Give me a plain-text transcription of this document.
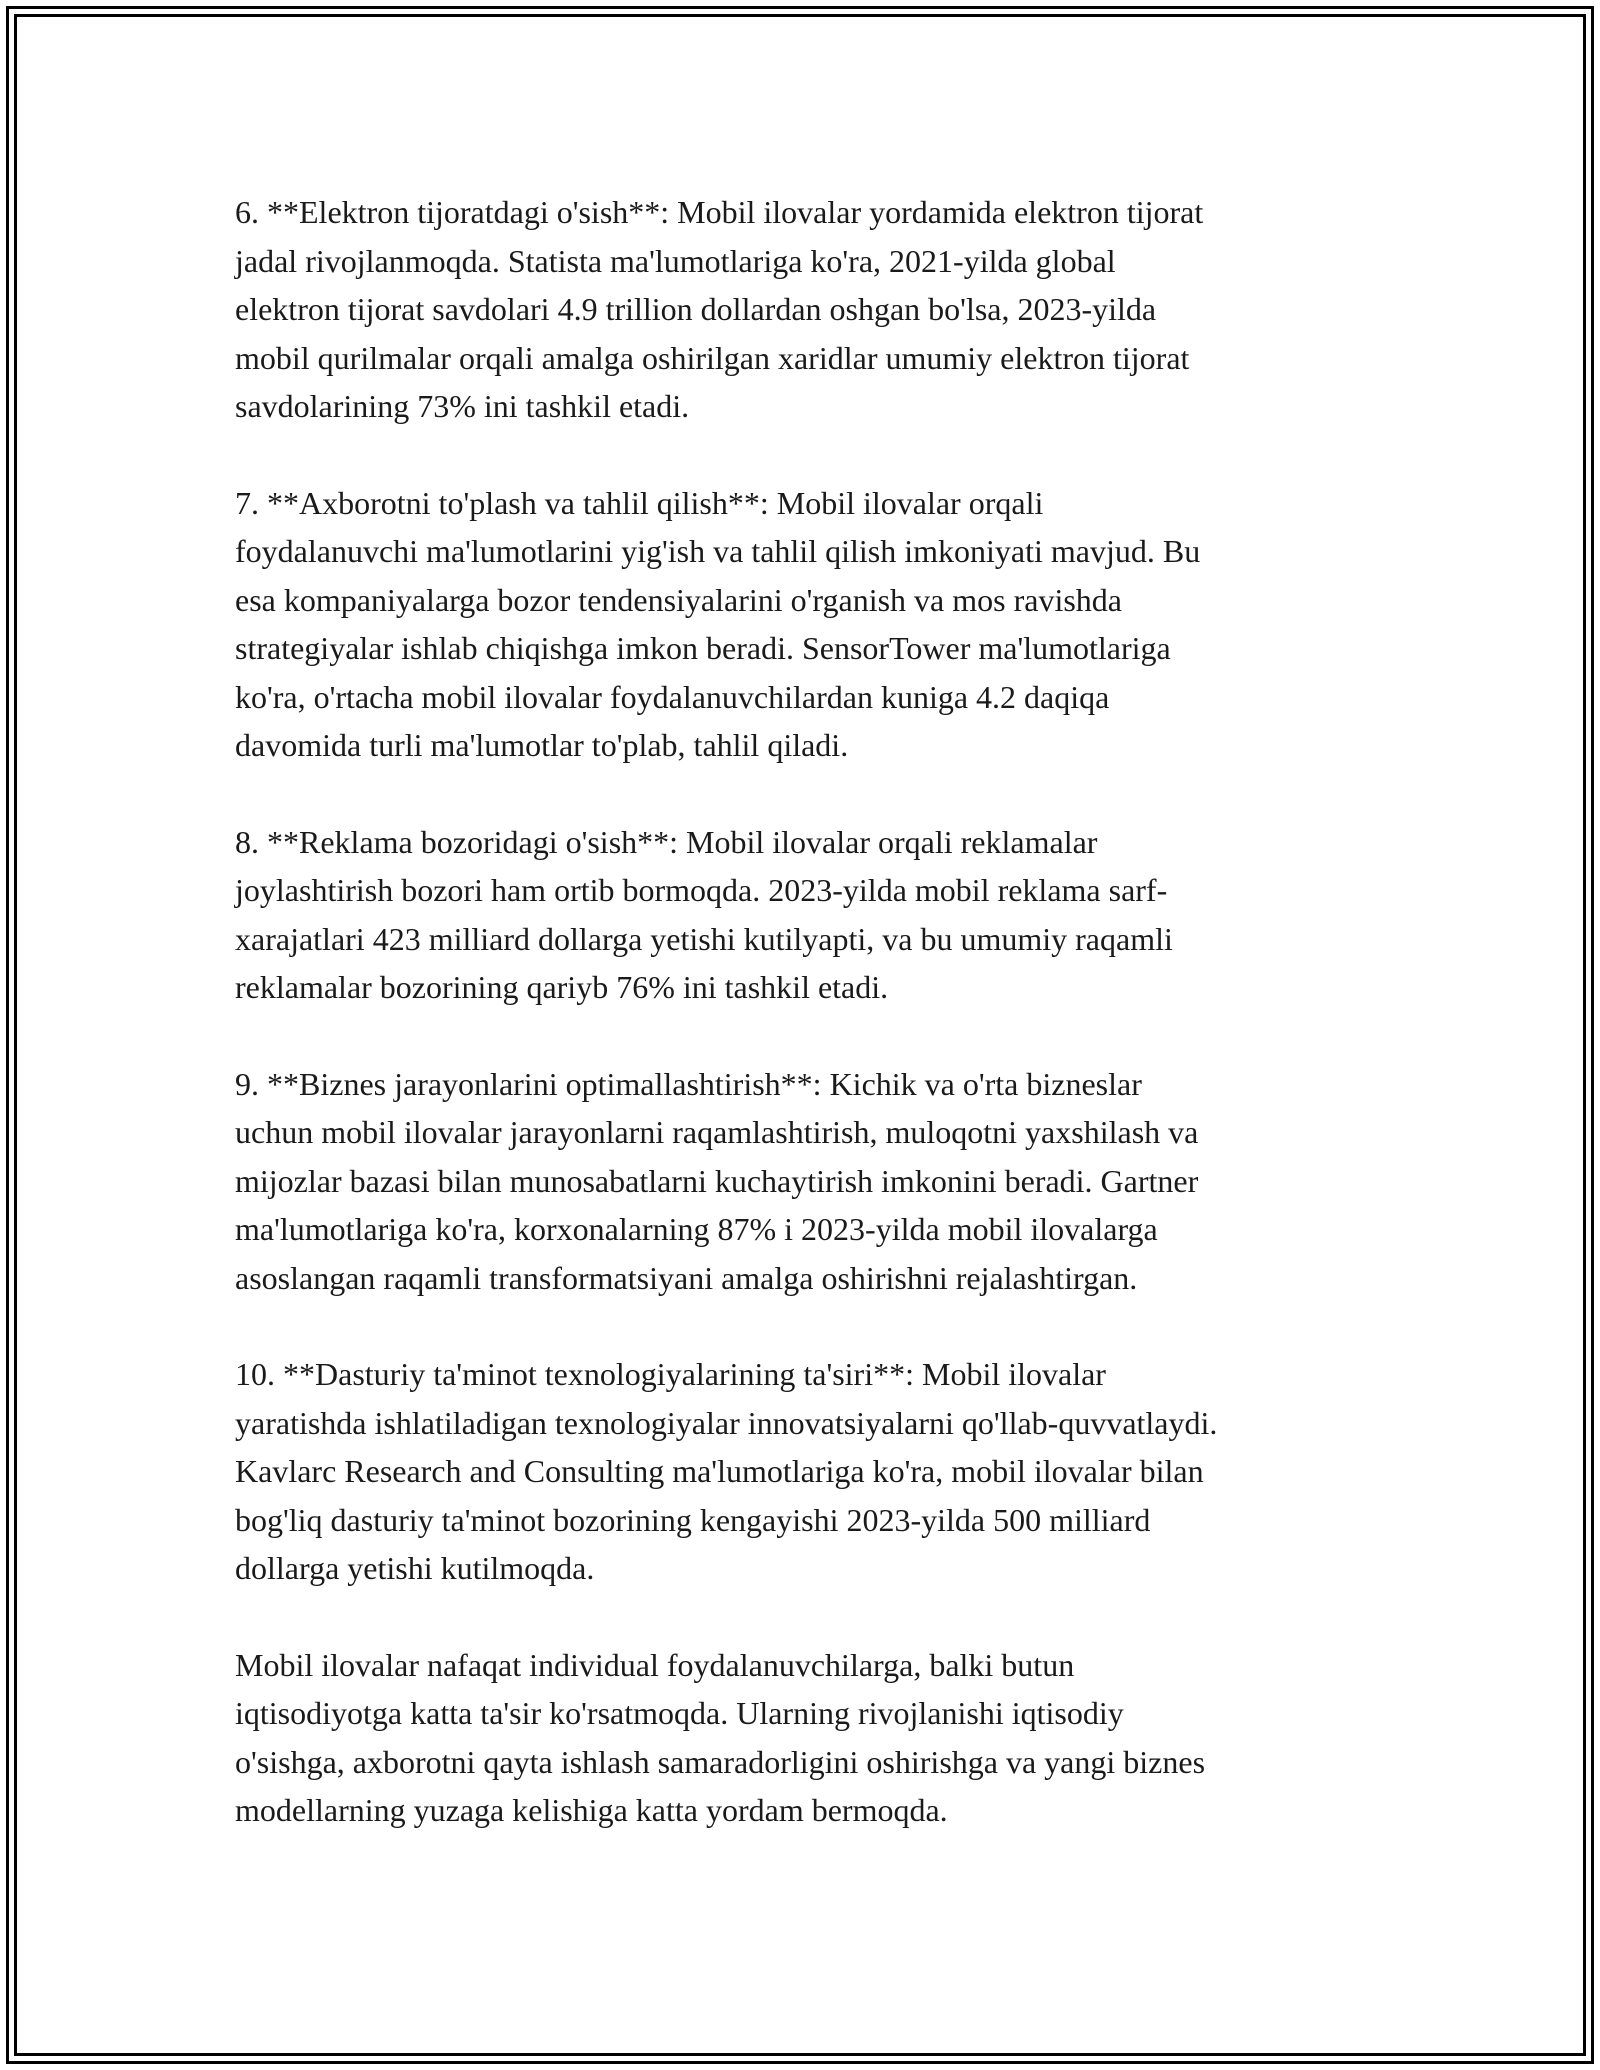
6. **Elektron tijoratdagi o'sish**: Mobil ilovalar yordamida elektron tijorat
jadal rivojlanmoqda. Statista ma'lumotlariga ko'ra, 2021-yilda global
elektron tijorat savdolari 4.9 trillion dollardan oshgan bo'lsa, 2023-yilda
mobil qurilmalar orqali amalga oshirilgan xaridlar umumiy elektron tijorat
savdolarining 73% ini tashkil etadi.

7. **Axborotni to'plash va tahlil qilish**: Mobil ilovalar orqali
foydalanuvchi ma'lumotlarini yig'ish va tahlil qilish imkoniyati mavjud. Bu
esa kompaniyalarga bozor tendensiyalarini o'rganish va mos ravishda
strategiyalar ishlab chiqishga imkon beradi. SensorTower ma'lumotlariga
ko'ra, o'rtacha mobil ilovalar foydalanuvchilardan kuniga 4.2 daqiqa
davomida turli ma'lumotlar to'plab, tahlil qiladi.

8. **Reklama bozoridagi o'sish**: Mobil ilovalar orqali reklamalar
joylashtirish bozori ham ortib bormoqda. 2023-yilda mobil reklama sarf-
xarajatlari 423 milliard dollarga yetishi kutilyapti, va bu umumiy raqamli
reklamalar bozorining qariyb 76% ini tashkil etadi.

9. **Biznes jarayonlarini optimallashtirish**: Kichik va o'rta bizneslar
uchun mobil ilovalar jarayonlarni raqamlashtirish, muloqotni yaxshilash va
mijozlar bazasi bilan munosabatlarni kuchaytirish imkonini beradi. Gartner
ma'lumotlariga ko'ra, korxonalarning 87% i 2023-yilda mobil ilovalarga
asoslangan raqamli transformatsiyani amalga oshirishni rejalashtirgan.

10. **Dasturiy ta'minot texnologiyalarining ta'siri**: Mobil ilovalar
yaratishda ishlatiladigan texnologiyalar innovatsiyalarni qo'llab-quvvatlaydi.
Kavlarc Research and Consulting ma'lumotlariga ko'ra, mobil ilovalar bilan
bog'liq dasturiy ta'minot bozorining kengayishi 2023-yilda 500 milliard
dollarga yetishi kutilmoqda.

Mobil ilovalar nafaqat individual foydalanuvchilarga, balki butun
iqtisodiyotga katta ta'sir ko'rsatmoqda. Ularning rivojlanishi iqtisodiy
o'sishga, axborotni qayta ishlash samaradorligini oshirishga va yangi biznes
modellarning yuzaga kelishiga katta yordam bermoqda.
